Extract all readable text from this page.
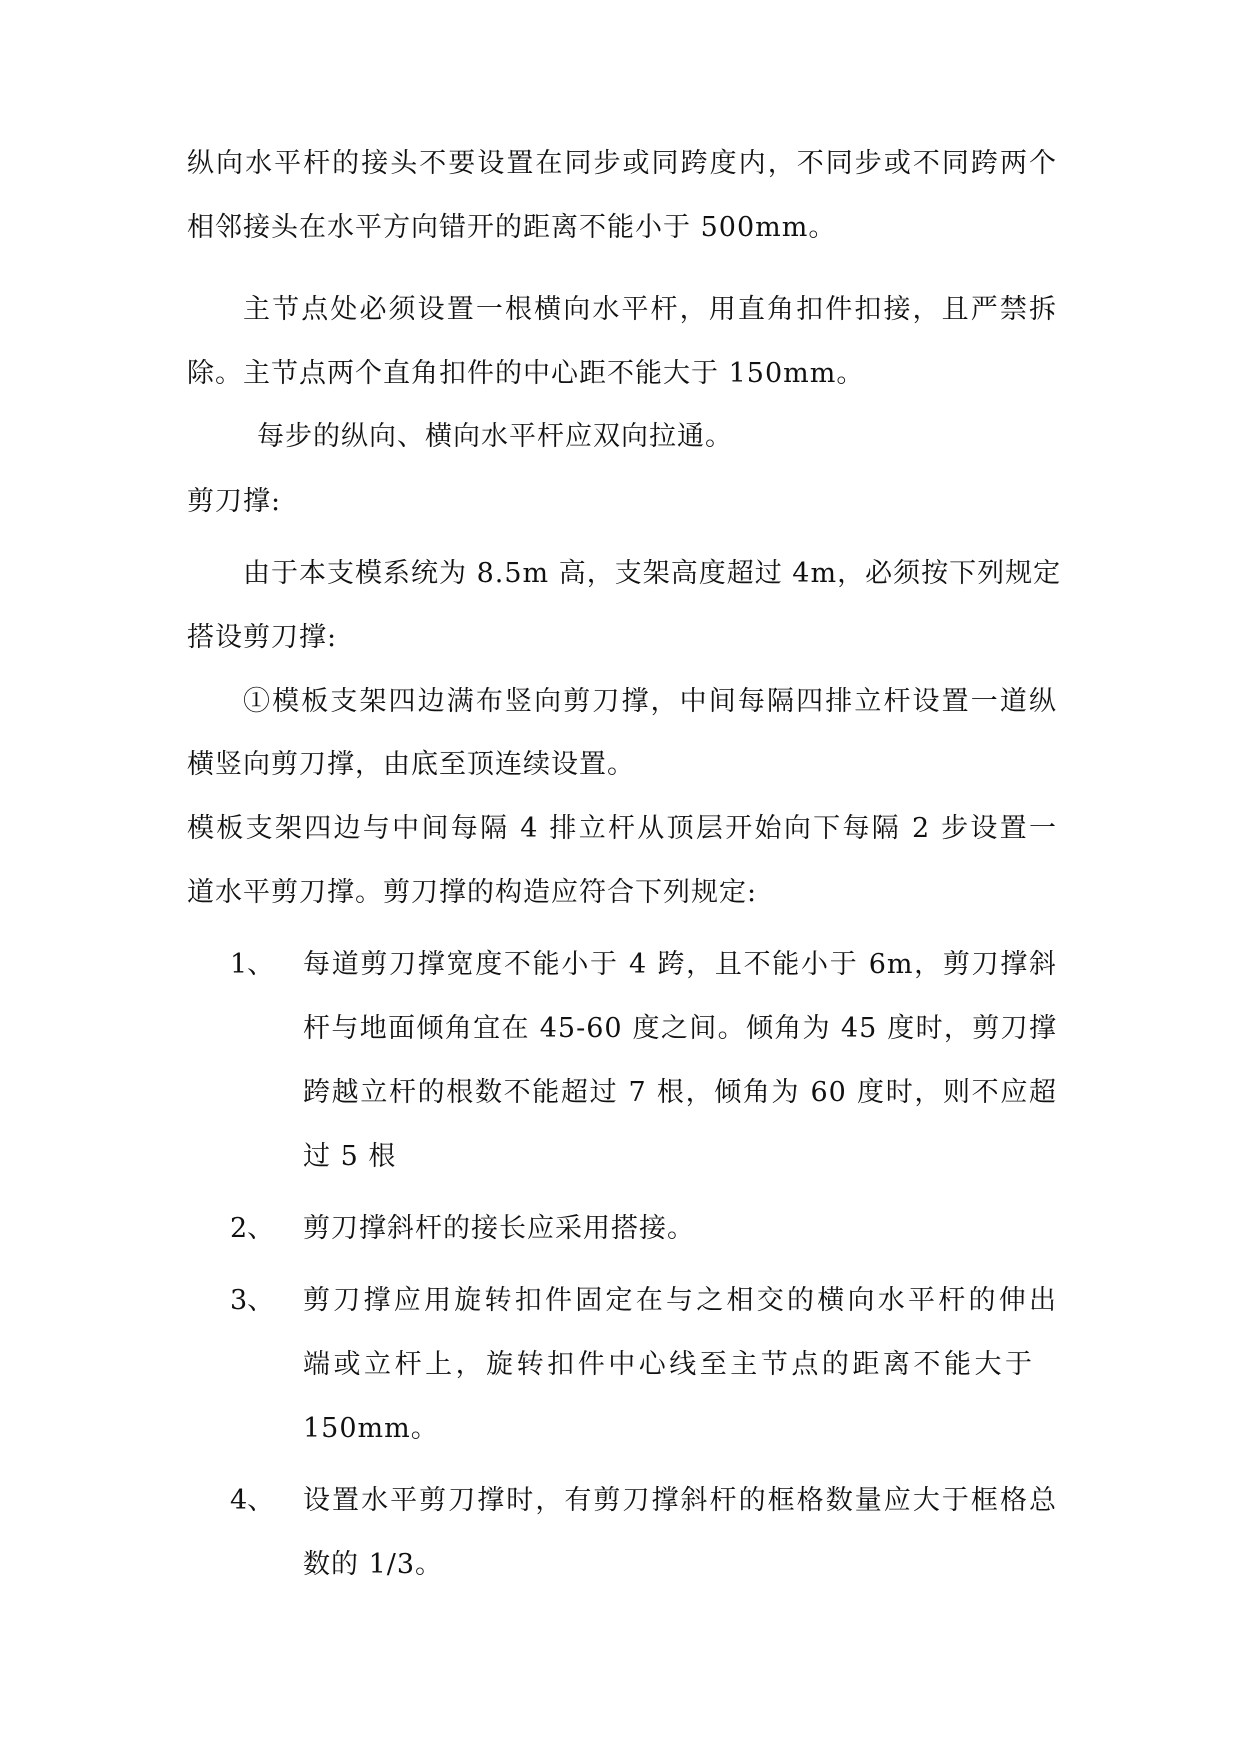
纵向水平杆的接头不要设置在同步或同跨度内，不同步或不同跨两个
相邻接头在水平方向错开的距离不能小于 500mm。
主节点处必须设置一根横向水平杆，用直角扣件扣接，且严禁拆
除。主节点两个直角扣件的中心距不能大于 150mm。
每步的纵向、横向水平杆应双向拉通。
剪刀撑:
由于本支模系统为 8.5m 高，支架高度超过 4m，必须按下列规定
搭设剪刀撑:
①模板支架四边满布竖向剪刀撑，中间每隔四排立杆设置一道纵
横竖向剪刀撑，由底至顶连续设置。
模板支架四边与中间每隔 4 排立杆从顶层开始向下每隔 2 步设置一
道水平剪刀撑。剪刀撑的构造应符合下列规定:
1、 每道剪刀撑宽度不能小于 4 跨，且不能小于 6m，剪刀撑斜
杆与地面倾角宜在 45-60 度之间。倾角为 45 度时，剪刀撑
跨越立杆的根数不能超过 7 根，倾角为 60 度时，则不应超
过 5 根
2、 剪刀撑斜杆的接长应采用搭接。
3、 剪刀撑应用旋转扣件固定在与之相交的横向水平杆的伸出
端或立杆上，旋转扣件中心线至主节点的距离不能大于
150mm。
4、 设置水平剪刀撑时，有剪刀撑斜杆的框格数量应大于框格总
数的 1/3。
